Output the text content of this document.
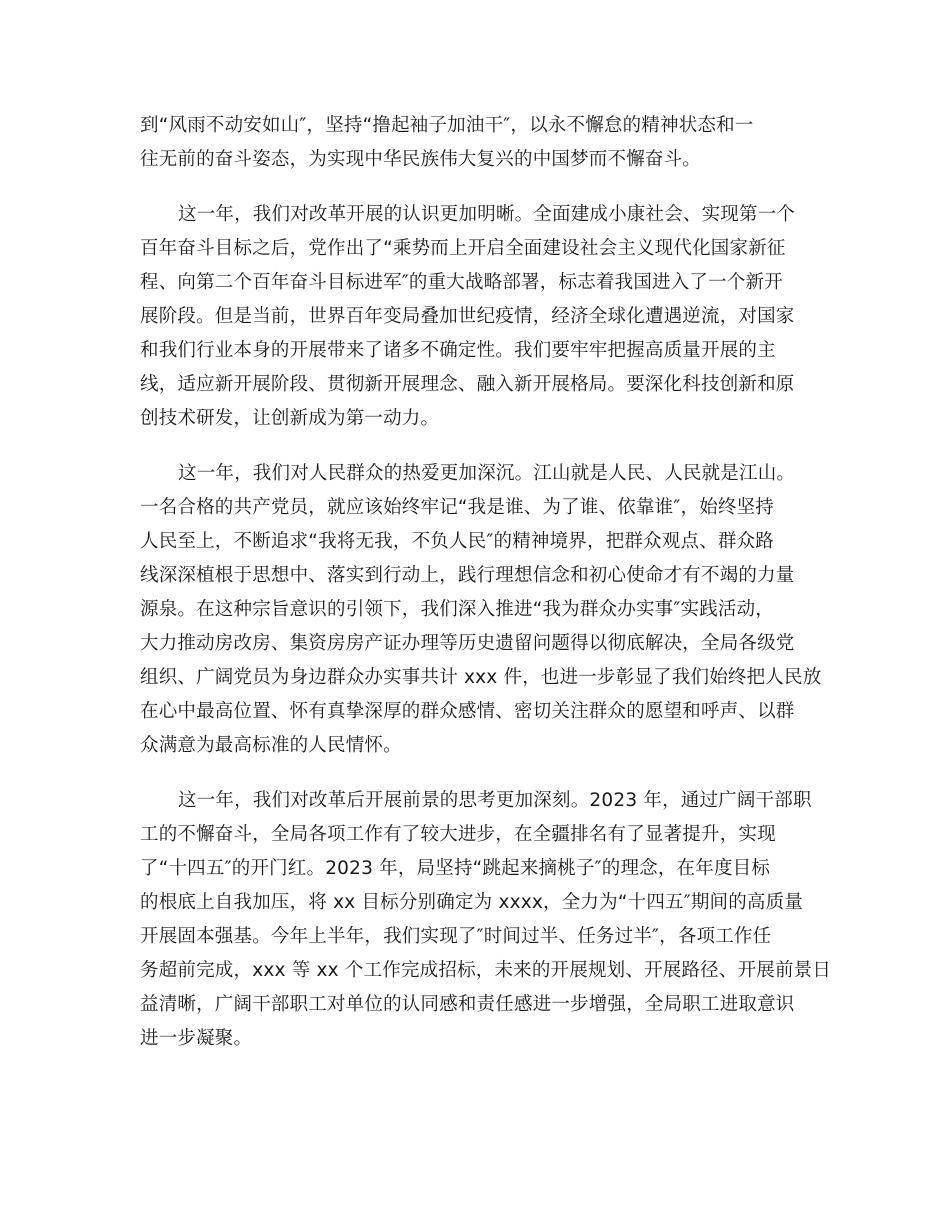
到“风雨不动安如山″，坚持“撸起袖子加油干″，以永不懈怠的精神状态和一
往无前的奋斗姿态，为实现中华民族伟大复兴的中国梦而不懈奋斗。

这一年，我们对改革开展的认识更加明晰。全面建成小康社会、实现第一个
百年奋斗目标之后，党作出了“乘势而上开启全面建设社会主义现代化国家新征
程、向第二个百年奋斗目标进军″的重大战略部署，标志着我国进入了一个新开
展阶段。但是当前，世界百年变局叠加世纪疫情，经济全球化遭遇逆流，对国家
和我们行业本身的开展带来了诸多不确定性。我们要牢牢把握高质量开展的主
线，适应新开展阶段、贯彻新开展理念、融入新开展格局。要深化科技创新和原
创技术研发，让创新成为第一动力。

这一年，我们对人民群众的热爱更加深沉。江山就是人民、人民就是江山。
一名合格的共产党员，就应该始终牢记“我是谁、为了谁、依靠谁″，始终坚持
人民至上，不断追求“我将无我，不负人民″的精神境界，把群众观点、群众路
线深深植根于思想中、落实到行动上，践行理想信念和初心使命才有不竭的力量
源泉。在这种宗旨意识的引领下，我们深入推进“我为群众办实事″实践活动，
大力推动房改房、集资房房产证办理等历史遗留问题得以彻底解决，全局各级党
组织、广阔党员为身边群众办实事共计 xxx 件，也进一步彰显了我们始终把人民放
在心中最高位置、怀有真挚深厚的群众感情、密切关注群众的愿望和呼声、以群
众满意为最高标准的人民情怀。

这一年，我们对改革后开展前景的思考更加深刻。2023 年，通过广阔干部职
工的不懈奋斗，全局各项工作有了较大进步，在全疆排名有了显著提升，实现
了“十四五″的开门红。2023 年，局坚持“跳起来摘桃子″的理念，在年度目标
的根底上自我加压，将 xx 目标分别确定为 xxxx，全力为“十四五″期间的高质量
开展固本强基。今年上半年，我们实现了″时间过半、任务过半″，各项工作任
务超前完成，xxx 等 xx 个工作完成招标，未来的开展规划、开展路径、开展前景日
益清晰，广阔干部职工对单位的认同感和责任感进一步增强，全局职工进取意识
进一步凝聚。
